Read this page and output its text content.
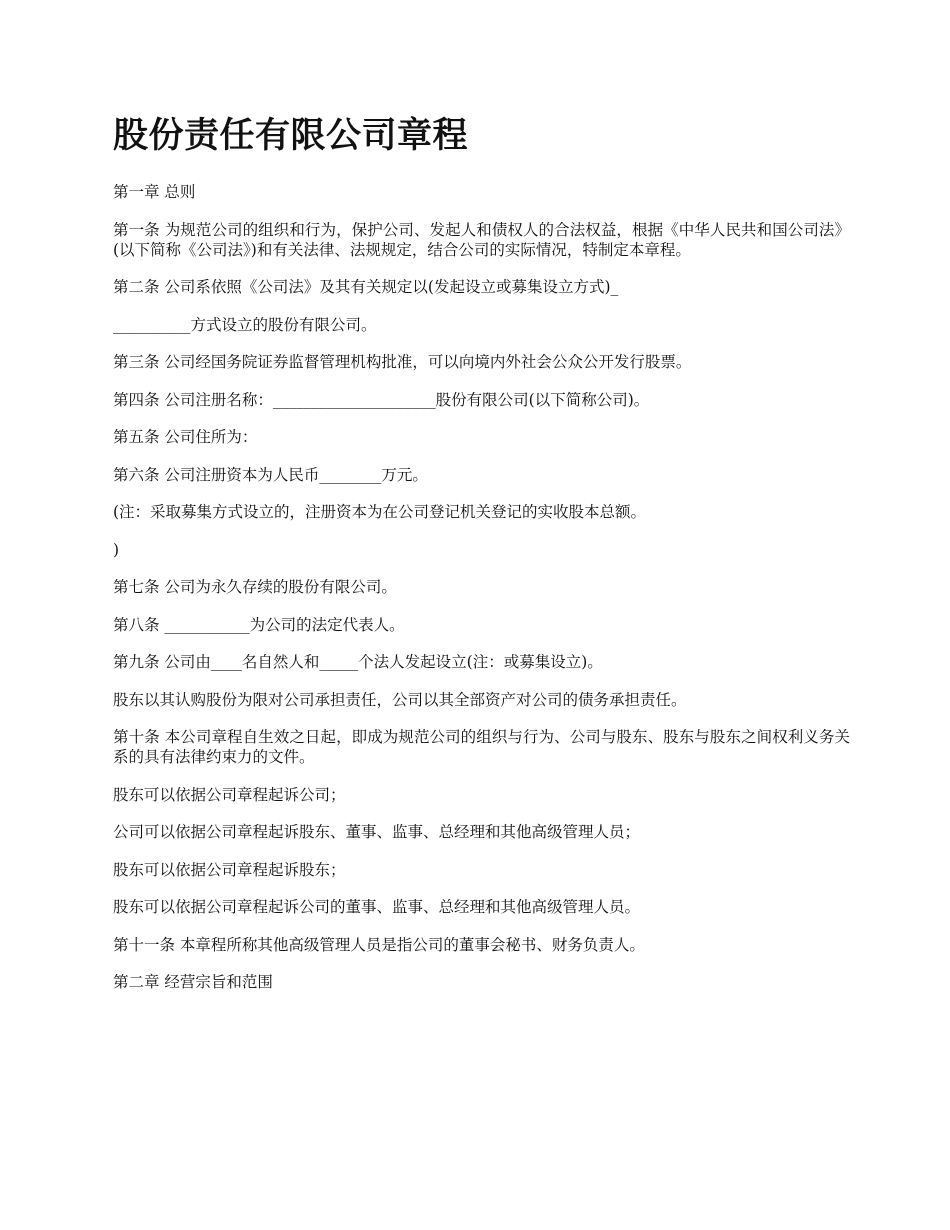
股份责任有限公司章程

第一章 总则

第一条 为规范公司的组织和行为，保护公司、发起人和债权人的合法权益，根据《中华人民共和国公司法》(以下简称《公司法》)和有关法律、法规规定，结合公司的实际情况，特制定本章程。

第二条 公司系依照《公司法》及其有关规定以(发起设立或募集设立方式)_

__________方式设立的股份有限公司。

第三条 公司经国务院证券监督管理机构批准，可以向境内外社会公众公开发行股票。

第四条 公司注册名称：_____________________股份有限公司(以下简称公司)。

第五条 公司住所为：

第六条 公司注册资本为人民币________万元。

(注：采取募集方式设立的，注册资本为在公司登记机关登记的实收股本总额。

)

第七条 公司为永久存续的股份有限公司。

第八条 ___________为公司的法定代表人。

第九条 公司由____名自然人和_____个法人发起设立(注：或募集设立)。

股东以其认购股份为限对公司承担责任，公司以其全部资产对公司的债务承担责任。

第十条 本公司章程自生效之日起，即成为规范公司的组织与行为、公司与股东、股东与股东之间权利义务关系的具有法律约束力的文件。

股东可以依据公司章程起诉公司；

公司可以依据公司章程起诉股东、董事、监事、总经理和其他高级管理人员；

股东可以依据公司章程起诉股东；

股东可以依据公司章程起诉公司的董事、监事、总经理和其他高级管理人员。

第十一条 本章程所称其他高级管理人员是指公司的董事会秘书、财务负责人。

第二章 经营宗旨和范围
